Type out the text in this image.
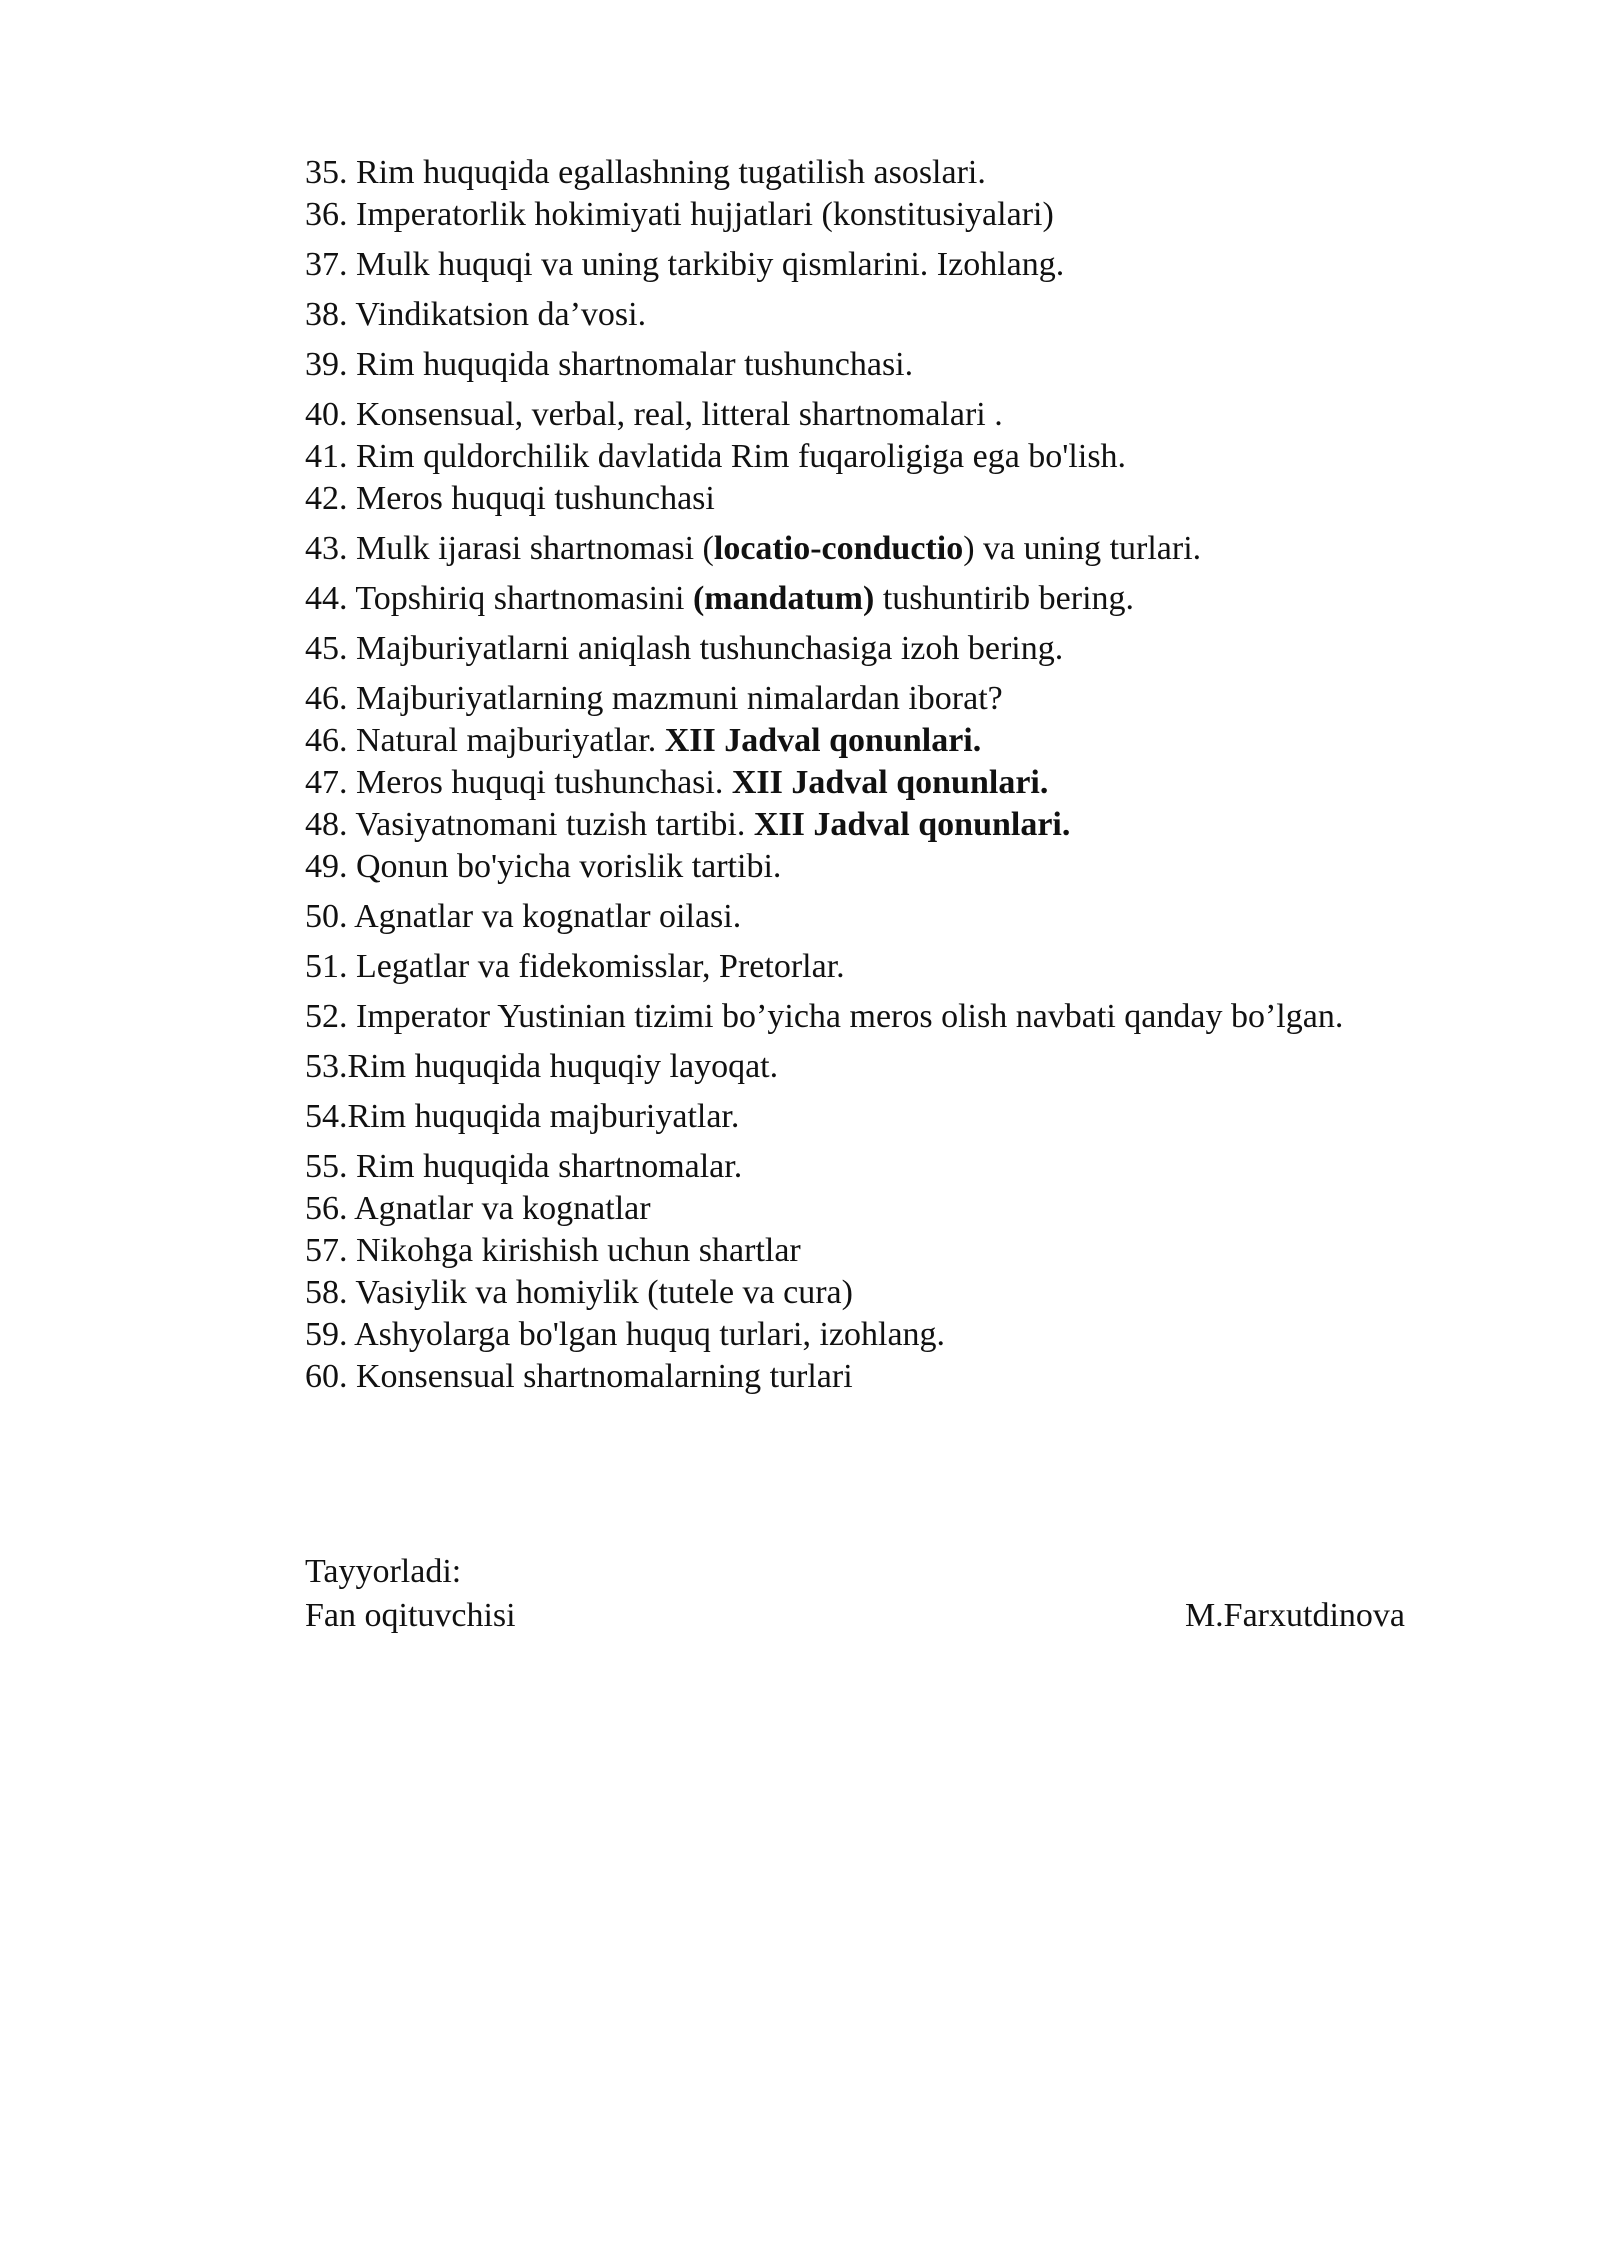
35. Rim huquqida egallashning tugatilish asoslari.
36. Imperatorlik hokimiyati hujjatlari (konstitusiyalari)
37. Mulk huquqi va uning tarkibiy qismlarini. Izohlang.
38. Vindikatsion da’vosi.
39. Rim huquqida shartnomalar tushunchasi.
40. Konsensual, verbal, real, litteral shartnomalari .
41. Rim quldorchilik davlatida Rim fuqaroligiga ega bo'lish.
42. Meros huquqi tushunchasi
43. Mulk ijarasi shartnomasi (locatio-conductio) va uning turlari.
44. Topshiriq shartnomasini (mandatum) tushuntirib bering.
45. Majburiyatlarni aniqlash tushunchasiga izoh bering.
46. Majburiyatlarning mazmuni nimalardan iborat?
46. Natural majburiyatlar. XII Jadval qonunlari.
47. Meros huquqi tushunchasi. XII Jadval qonunlari.
48. Vasiyatnomani tuzish tartibi. XII Jadval qonunlari.
49. Qonun bo'yicha vorislik tartibi.
50. Agnatlar va kognatlar oilasi.
51. Legatlar va fidekomisslar, Pretorlar.
52. Imperator Yustinian tizimi bo’yicha meros olish navbati qanday bo’lgan.
53.Rim huquqida huquqiy layoqat.
54.Rim huquqida majburiyatlar.
55. Rim huquqida shartnomalar.
56. Agnatlar va kognatlar
57. Nikohga kirishish uchun shartlar
58. Vasiylik va homiylik (tutele va cura)
59. Ashyolarga bo'lgan huquq turlari, izohlang.
60. Konsensual shartnomalarning turlari
Tayyorladi:
Fan oqituvchisi	M.Farxutdinova
